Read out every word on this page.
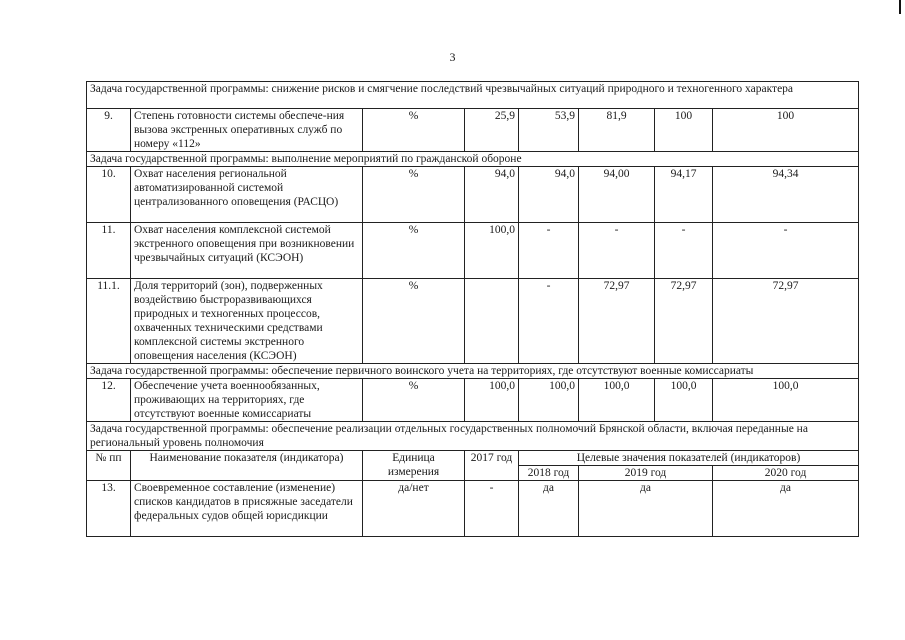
3
Задача государственной программы: снижение рисков и смягчение последствий чрезвычайных ситуаций природного и техногенного характера							
9.	Степень готовности системы обеспече-ния вызова экстренных оперативных служб по номеру «112»	%	25,9	53,9	81,9	100	100
Задача государственной программы: выполнение мероприятий по гражданской обороне							
10.	Охват населения региональной автоматизированной системой централизованного оповещения (РАСЦО)	%	94,0	94,0	94,00	94,17	94,34
11.	Охват населения комплексной системой экстренного оповещения при возникновении чрезвычайных ситуаций (КСЭОН)	%	100,0	-	-	-	-
11.1.	Доля территорий (зон), подверженных воздействию быстроразвивающихся природных и техногенных процессов, охваченных техническими средствами комплексной системы экстренного оповещения населения (КСЭОН)	%		-	72,97	72,97	72,97
Задача государственной программы: обеспечение первичного воинского учета на территориях, где отсутствуют военные комиссариаты							
12.	Обеспечение учета военнообязанных, проживающих на территориях, где отсутствуют военные комиссариаты	%	100,0	100,0	100,0	100,0	100,0
Задача государственной программы: обеспечение реализации отдельных государственных полномочий Брянской области, включая переданные на региональный уровень полномочия							
№ пп	Наименование показателя (индикатора)	Единица измерения	2017 год	Целевые значения показателей (индикаторов)			
				2018 год	2019 год		2020 год
13.	Своевременное составление (изменение) списков кандидатов в присяжные заседатели федеральных судов общей юрисдикции	да/нет	-	да	да		да
